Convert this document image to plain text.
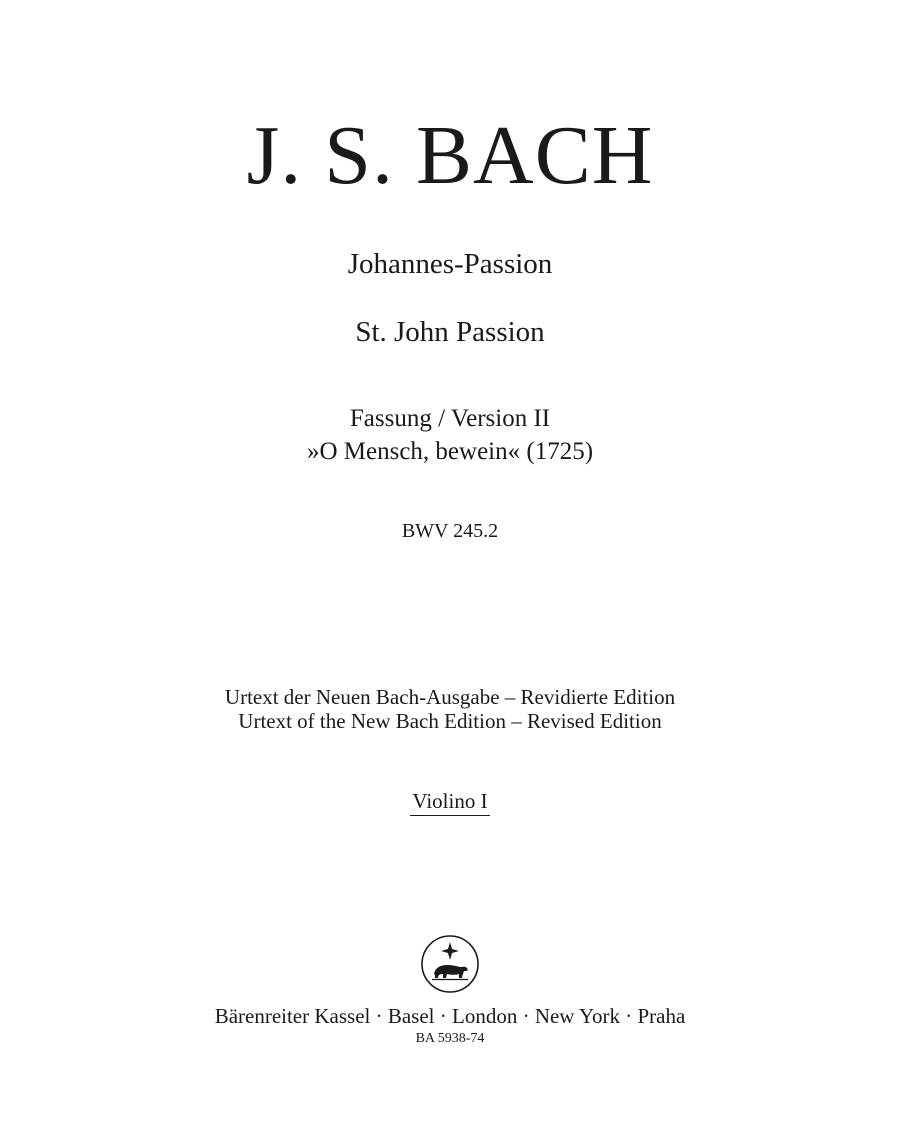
J. S. BACH
Johannes-Passion
St. John Passion
Fassung / Version II
»O Mensch, bewein« (1725)
BWV 245.2
Urtext der Neuen Bach-Ausgabe – Revidierte Edition
Urtext of the New Bach Edition – Revised Edition
Violino I
Bärenreiter Kassel · Basel · London · New York · Praha
BA 5938-74
